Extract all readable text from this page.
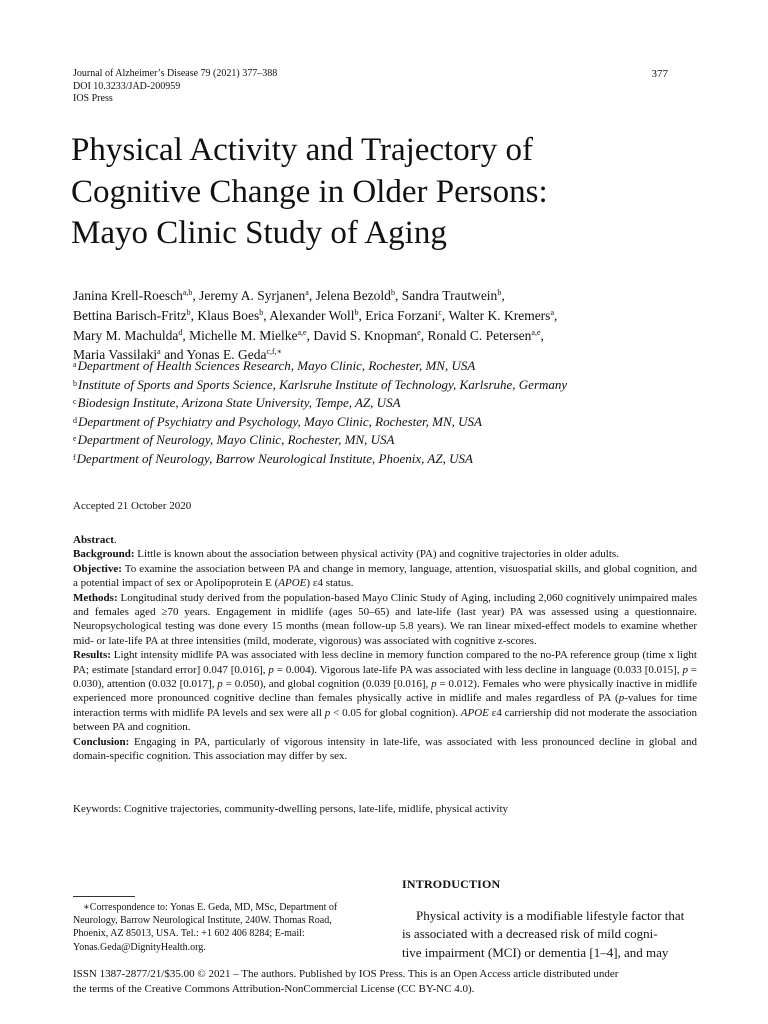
Journal of Alzheimer’s Disease 79 (2021) 377–388
DOI 10.3233/JAD-200959
IOS Press
377
Physical Activity and Trajectory of
Cognitive Change in Older Persons:
Mayo Clinic Study of Aging
Janina Krell-Roesch$^{a,b}$, Jeremy A. Syrjanen$^a$, Jelena Bezold$^b$, Sandra Trautwein$^b$,
Bettina Barisch-Fritz$^b$, Klaus Boes$^b$, Alexander Woll$^b$, Erica Forzani$^c$, Walter K. Kremers$^a$,
Mary M. Machulda$^d$, Michelle M. Mielke$^{a,e}$, David S. Knopman$^e$, Ronald C. Petersen$^{a,e}$,
Maria Vassilaki$^a$ and Yonas E. Geda$^{c,f,∗}$
$^a$Department of Health Sciences Research, Mayo Clinic, Rochester, MN, USA
$^b$Institute of Sports and Sports Science, Karlsruhe Institute of Technology, Karlsruhe, Germany
$^c$Biodesign Institute, Arizona State University, Tempe, AZ, USA
$^d$Department of Psychiatry and Psychology, Mayo Clinic, Rochester, MN, USA
$^e$Department of Neurology, Mayo Clinic, Rochester, MN, USA
$^f$Department of Neurology, Barrow Neurological Institute, Phoenix, AZ, USA
Accepted 21 October 2020

Abstract.

Background: Little is known about the association between physical activity (PA) and cognitive trajectories in older adults.

Objective: To examine the association between PA and change in memory, language, attention, visuospatial skills, and global cognition, and a potential impact of sex or Apolipoprotein E (APOE) ε4 status.

Methods: Longitudinal study derived from the population-based Mayo Clinic Study of Aging, including 2,060 cognitively unimpaired males and females aged ≥70 years. Engagement in midlife (ages 50–65) and late-life (last year) PA was assessed using a questionnaire. Neuropsychological testing was done every 15 months (mean follow-up 5.8 years). We ran linear mixed-effect models to examine whether mid- or late-life PA at three intensities (mild, moderate, vigorous) was associated with cognitive z-scores.

Results: Light intensity midlife PA was associated with less decline in memory function compared to the no-PA reference group (time x light PA; estimate [standard error] 0.047 [0.016], p = 0.004). Vigorous late-life PA was associated with less decline in language (0.033 [0.015], p = 0.030), attention (0.032 [0.017], p = 0.050), and global cognition (0.039 [0.016], p = 0.012). Females who were physically inactive in midlife experienced more pronounced cognitive decline than females physically active in midlife and males regardless of PA (p-values for time interaction terms with midlife PA levels and sex were all p < 0.05 for global cognition). APOE ε4 carriership did not moderate the association between PA and cognition.

Conclusion: Engaging in PA, particularly of vigorous intensity in late-life, was associated with less pronounced decline in global and domain-specific cognition. This association may differ by sex.

Keywords: Cognitive trajectories, community-dwelling persons, late-life, midlife, physical activity
INTRODUCTION
Physical activity is a modifiable lifestyle factor that
is associated with a decreased risk of mild cogni-
tive impairment (MCI) or dementia [1–4], and may
∗Correspondence to: Yonas E. Geda, MD, MSc, Department of
Neurology, Barrow Neurological Institute, 240W. Thomas Road,
Phoenix, AZ 85013, USA. Tel.: +1 602 406 8284; E-mail:
Yonas.Geda@DignityHealth.org.
ISSN 1387-2877/21/$35.00 © 2021 – The authors. Published by IOS Press. This is an Open Access article distributed under
the terms of the Creative Commons Attribution-NonCommercial License (CC BY-NC 4.0).
